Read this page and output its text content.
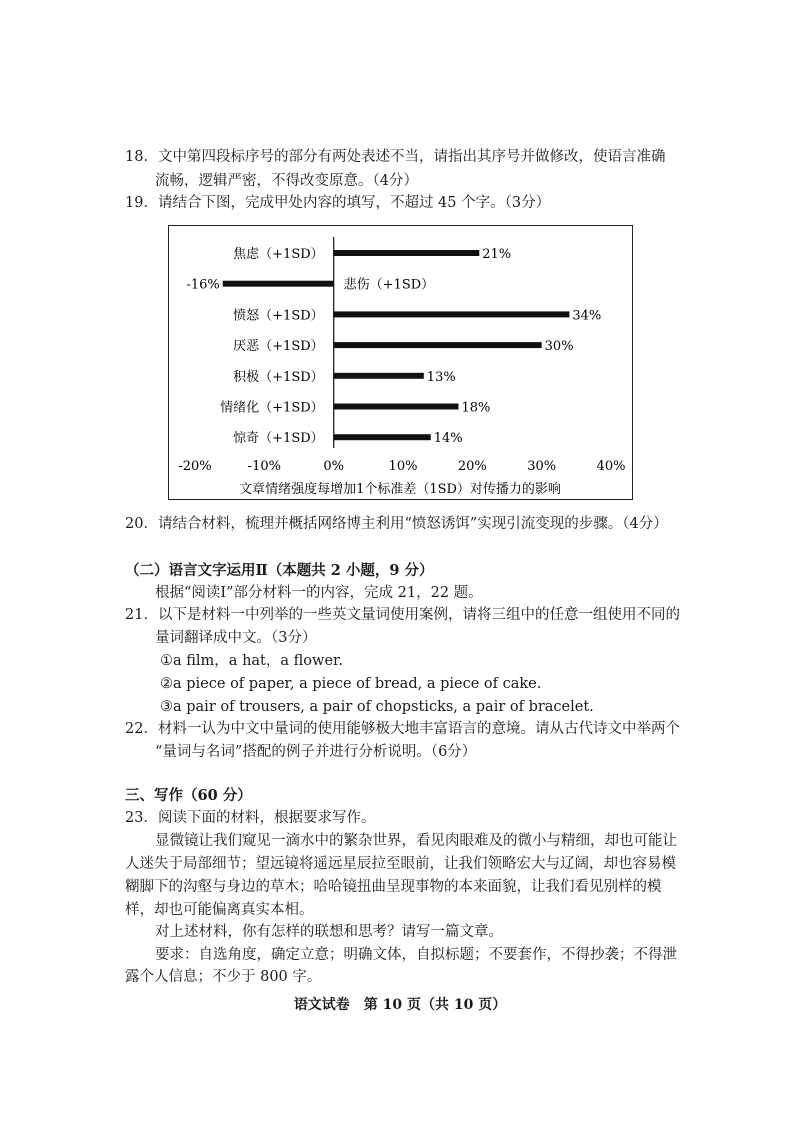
18．文中第四段标序号的部分有两处表述不当，请指出其序号并做修改，使语言准确
流畅，逻辑严密，不得改变原意。（4分）
19．请结合下图，完成甲处内容的填写，不超过 45 个字。（3分）
焦虑（+1SD）	21%
悲伤（+1SD）
-16%
愤怒（+1SD）	34%
厌恶（+1SD）	30%
积极（+1SD）	13%
情绪化（+1SD）	18%
惊奇（+1SD）	14%
-20%	-10%	0%	10%	20%	30%	40%
文章情绪强度每增加1个标准差（1SD）对传播力的影响
20．请结合材料，梳理并概括网络博主利用“愤怒诱饵”实现引流变现的步骤。（4分）
（二）语言文字运用Ⅱ（本题共 2 小题，9 分）
根据“阅读Ⅰ”部分材料一的内容，完成 21，22 题。
21．以下是材料一中列举的一些英文量词使用案例，请将三组中的任意一组使用不同的
量词翻译成中文。（3分）
①a film，a hat，a flower.
②a piece of paper, a piece of bread, a piece of cake.
③a pair of trousers, a pair of chopsticks, a pair of bracelet.
22．材料一认为中文中量词的使用能够极大地丰富语言的意境。请从古代诗文中举两个
“量词与名词”搭配的例子并进行分析说明。（6分）
三、写作（60 分）
23．阅读下面的材料，根据要求写作。
显微镜让我们窥见一滴水中的繁杂世界，看见肉眼难及的微小与精细，却也可能让
人迷失于局部细节；望远镜将遥远星辰拉至眼前，让我们领略宏大与辽阔，却也容易模
糊脚下的沟壑与身边的草木；哈哈镜扭曲呈现事物的本来面貌，让我们看见别样的模
样，却也可能偏离真实本相。
对上述材料，你有怎样的联想和思考？请写一篇文章。
要求：自选角度，确定立意；明确文体，自拟标题；不要套作，不得抄袭；不得泄
露个人信息；不少于 800 字。
语文试卷　第 10 页（共 10 页）
